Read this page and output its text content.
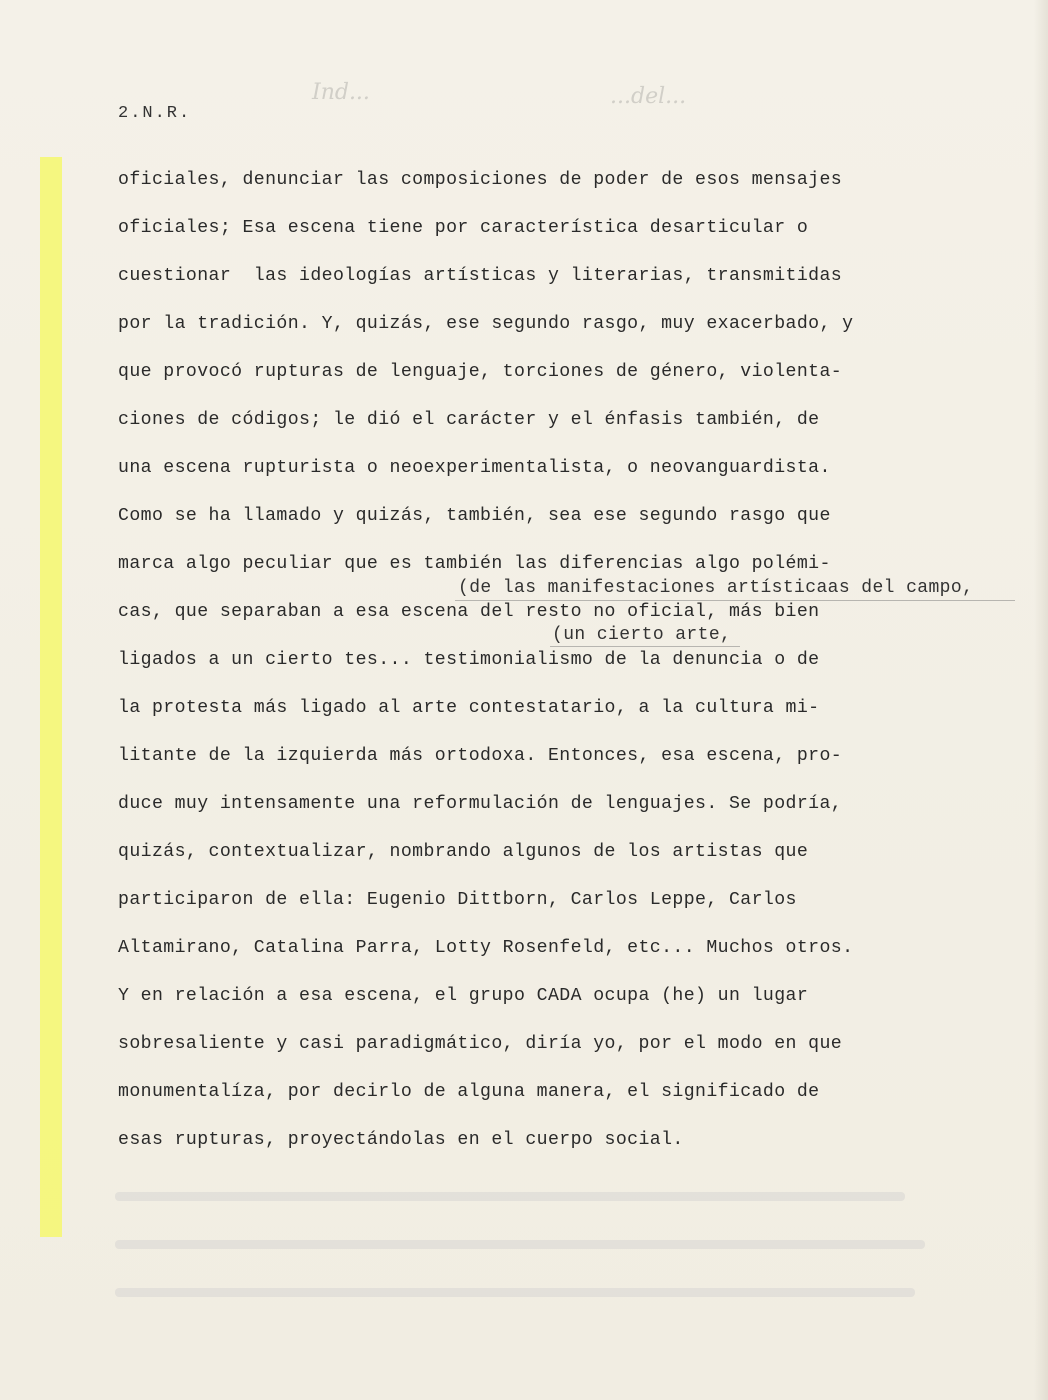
Ind...	...del...
2.N.R.
(de las manifestaciones artísticaas del campo,
(un cierto arte,
oficiales, denunciar las composiciones de poder de esos mensajes
oficiales; Esa escena tiene por característica desarticular o
cuestionar  las ideologías artísticas y literarias, transmitidas
por la tradición. Y, quizás, ese segundo rasgo, muy exacerbado, y
que provocó rupturas de lenguaje, torciones de género, violenta-
ciones de códigos; le dió el carácter y el énfasis también, de
una escena rupturista o neoexperimentalista, o neovanguardista.
Como se ha llamado y quizás, también, sea ese segundo rasgo que
marca algo peculiar que es también las diferencias algo polémi-
cas, que separaban a esa escena del resto no oficial, más bien
ligados a un cierto tes... testimonialismo de la denuncia o de
la protesta más ligado al arte contestatario, a la cultura mi-
litante de la izquierda más ortodoxa. Entonces, esa escena, pro-
duce muy intensamente una reformulación de lenguajes. Se podría,
quizás, contextualizar, nombrando algunos de los artistas que
participaron de ella: Eugenio Dittborn, Carlos Leppe, Carlos
Altamirano, Catalina Parra, Lotty Rosenfeld, etc... Muchos otros.
Y en relación a esa escena, el grupo CADA ocupa (he) un lugar
sobresaliente y casi paradigmático, diría yo, por el modo en que
monumentalíza, por decirlo de alguna manera, el significado de
esas rupturas, proyectándolas en el cuerpo social.
